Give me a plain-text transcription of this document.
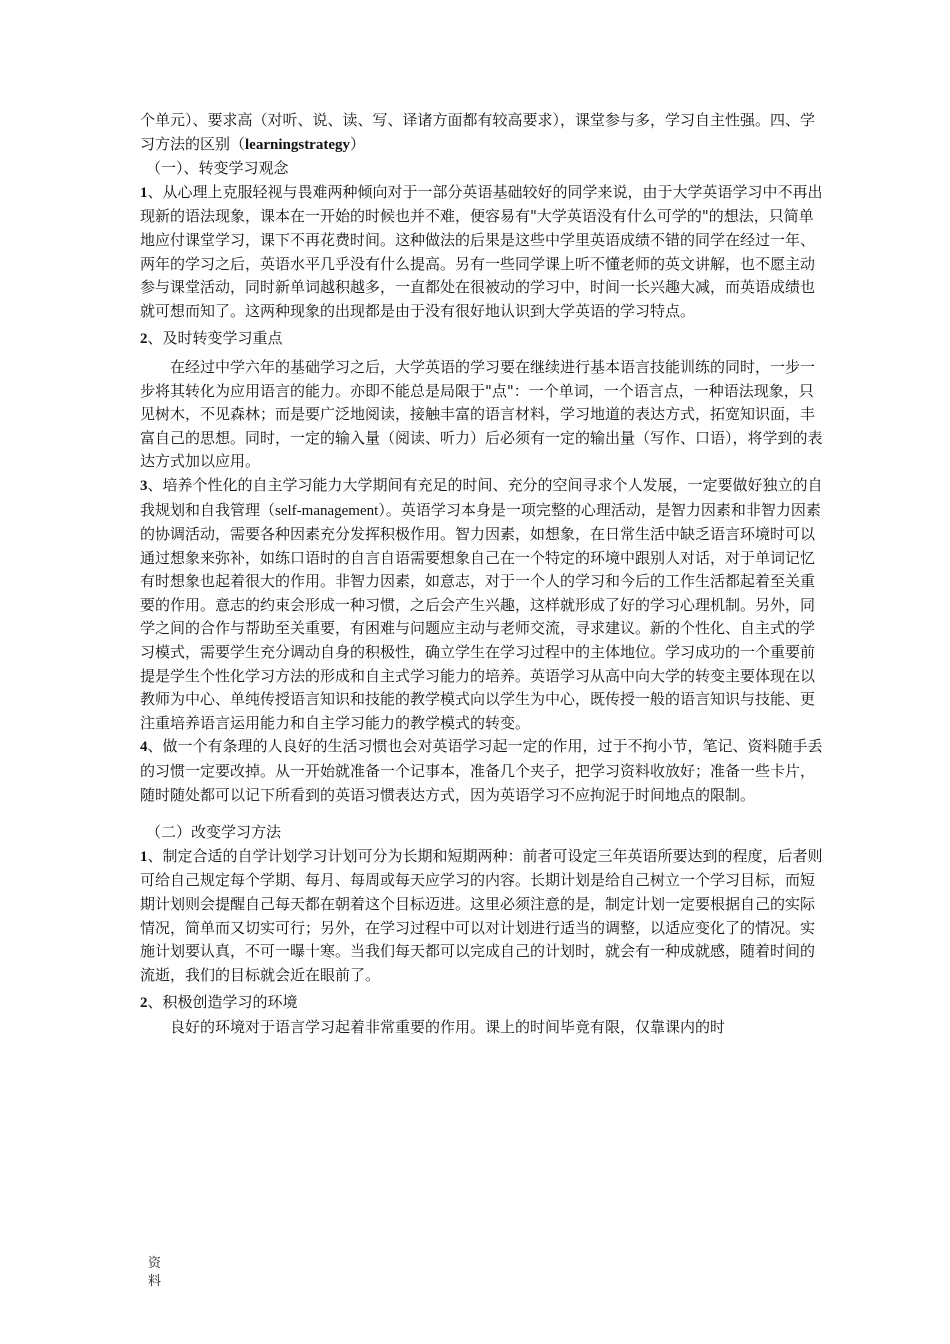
个单元）、要求高（对听、说、读、写、译诸方面都有较高要求），课堂参与多，学习自主性强。四、学习方法的区别（learningstrategy）

（一）、转变学习观念

1、从心理上克服轻视与畏难两种倾向对于一部分英语基础较好的同学来说，由于大学英语学习中不再出现新的语法现象，课本在一开始的时候也并不难，便容易有"大学英语没有什么可学的"的想法，只简单地应付课堂学习，课下不再花费时间。这种做法的后果是这些中学里英语成绩不错的同学在经过一年、两年的学习之后，英语水平几乎没有什么提高。另有一些同学课上听不懂老师的英文讲解，也不愿主动参与课堂活动，同时新单词越积越多，一直都处在很被动的学习中，时间一长兴趣大减，而英语成绩也就可想而知了。这两种现象的出现都是由于没有很好地认识到大学英语的学习特点。

2、及时转变学习重点

在经过中学六年的基础学习之后，大学英语的学习要在继续进行基本语言技能训练的同时，一步一步将其转化为应用语言的能力。亦即不能总是局限于"点"：一个单词，一个语言点，一种语法现象，只见树木，不见森林；而是要广泛地阅读，接触丰富的语言材料，学习地道的表达方式，拓宽知识面，丰富自己的思想。同时，一定的输入量（阅读、听力）后必须有一定的输出量（写作、口语），将学到的表达方式加以应用。

3、培养个性化的自主学习能力大学期间有充足的时间、充分的空间寻求个人发展，一定要做好独立的自我规划和自我管理（self-management）。英语学习本身是一项完整的心理活动，是智力因素和非智力因素的协调活动，需要各种因素充分发挥积极作用。智力因素，如想象，在日常生活中缺乏语言环境时可以通过想象来弥补，如练口语时的自言自语需要想象自己在一个特定的环境中跟别人对话，对于单词记忆有时想象也起着很大的作用。非智力因素，如意志，对于一个人的学习和今后的工作生活都起着至关重要的作用。意志的约束会形成一种习惯，之后会产生兴趣，这样就形成了好的学习心理机制。另外，同学之间的合作与帮助至关重要，有困难与问题应主动与老师交流，寻求建议。新的个性化、自主式的学习模式，需要学生充分调动自身的积极性，确立学生在学习过程中的主体地位。学习成功的一个重要前提是学生个性化学习方法的形成和自主式学习能力的培养。英语学习从高中向大学的转变主要体现在以教师为中心、单纯传授语言知识和技能的教学模式向以学生为中心，既传授一般的语言知识与技能、更注重培养语言运用能力和自主学习能力的教学模式的转变。

4、做一个有条理的人良好的生活习惯也会对英语学习起一定的作用，过于不拘小节，笔记、资料随手丢的习惯一定要改掉。从一开始就准备一个记事本，准备几个夹子，把学习资料收放好；准备一些卡片，随时随处都可以记下所看到的英语习惯表达方式，因为英语学习不应拘泥于时间地点的限制。

（二）改变学习方法

1、制定合适的自学计划学习计划可分为长期和短期两种：前者可设定三年英语所要达到的程度，后者则可给自己规定每个学期、每月、每周或每天应学习的内容。长期计划是给自己树立一个学习目标，而短期计划则会提醒自己每天都在朝着这个目标迈进。这里必须注意的是，制定计划一定要根据自己的实际情况，简单而又切实可行；另外，在学习过程中可以对计划进行适当的调整，以适应变化了的情况。实施计划要认真，不可一曝十寒。当我们每天都可以完成自己的计划时，就会有一种成就感，随着时间的流逝，我们的目标就会近在眼前了。

2、积极创造学习的环境

良好的环境对于语言学习起着非常重要的作用。课上的时间毕竟有限，仅靠课内的时

资
料
